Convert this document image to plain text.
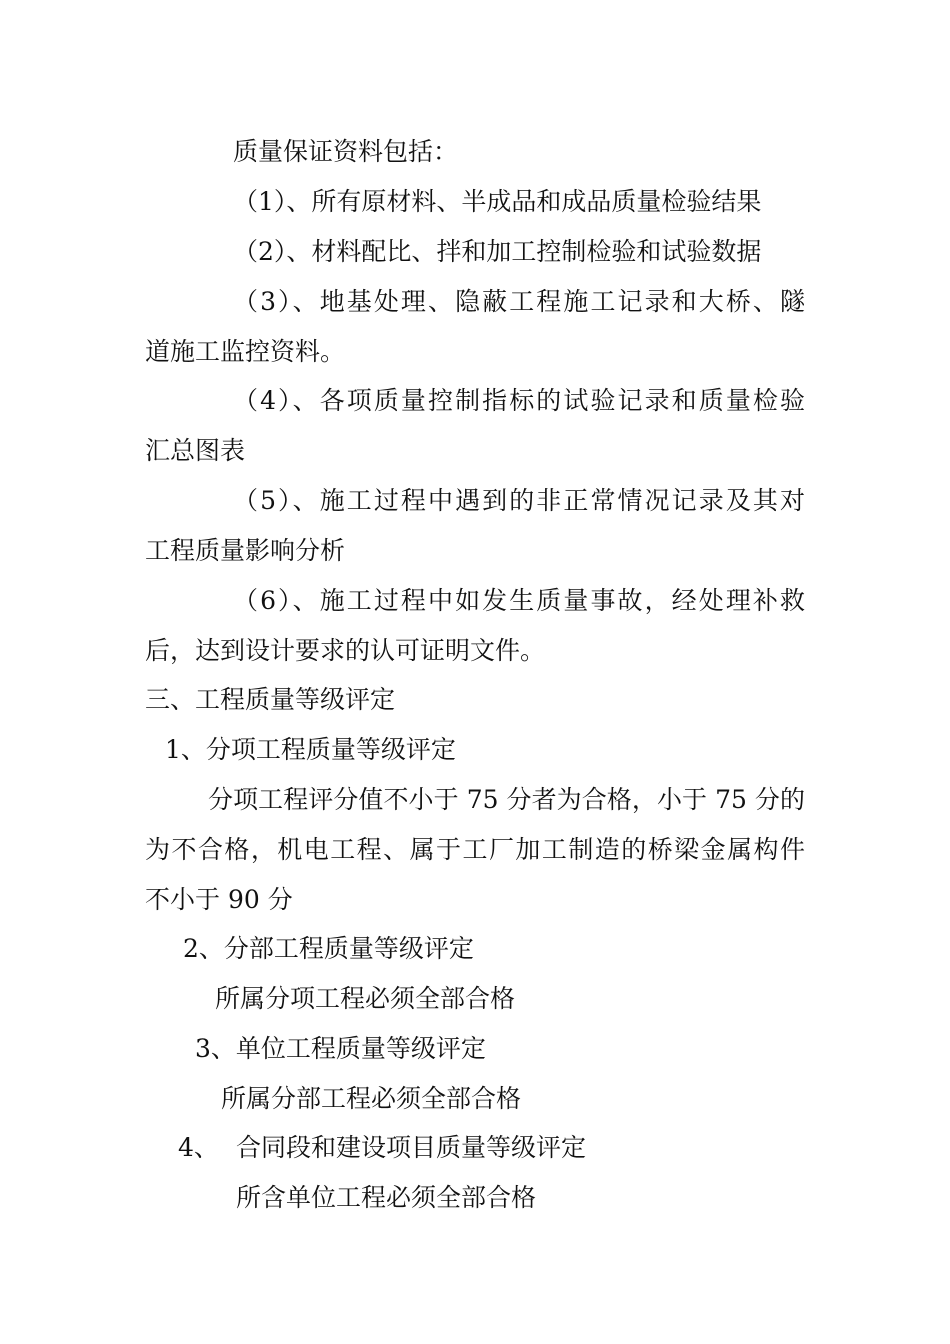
质量保证资料包括：
（1）、所有原材料、半成品和成品质量检验结果
（2）、材料配比、拌和加工控制检验和试验数据
（3）、地基处理、隐蔽工程施工记录和大桥、隧
道施工监控资料。
（4）、各项质量控制指标的试验记录和质量检验
汇总图表
（5）、施工过程中遇到的非正常情况记录及其对
工程质量影响分析
（6）、施工过程中如发生质量事故，经处理补救
后，达到设计要求的认可证明文件。
三、工程质量等级评定
1、分项工程质量等级评定
分项工程评分值不小于 75 分者为合格，小于 75 分的
为不合格，机电工程、属于工厂加工制造的桥梁金属构件
不小于 90 分
2、分部工程质量等级评定
所属分项工程必须全部合格
3、单位工程质量等级评定
所属分部工程必须全部合格
4、 合同段和建设项目质量等级评定
所含单位工程必须全部合格
